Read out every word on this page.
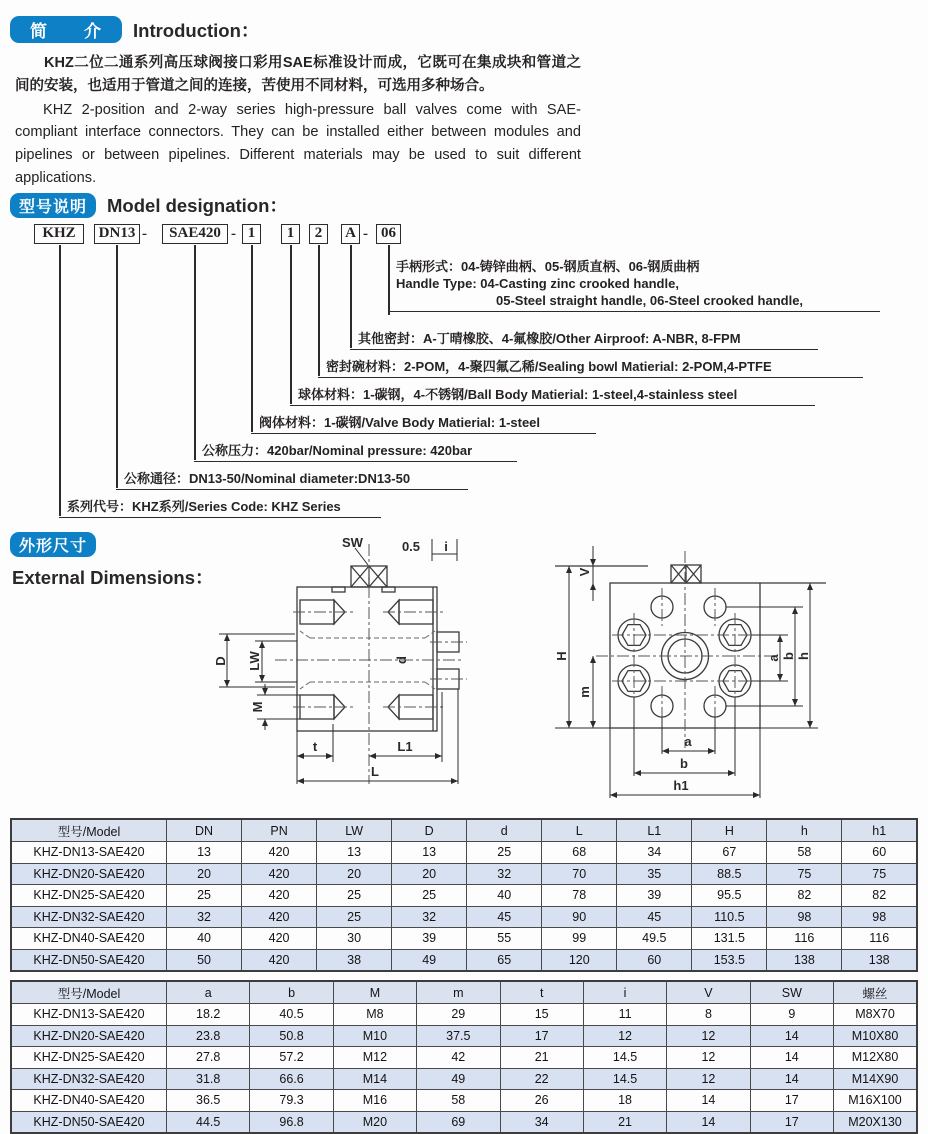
简　　介	Introduction：

KHZ二位二通系列高压球阀接口彩用SAE标准设计而成，它既可在集成块和管道之间的安装，也适用于管道之间的连接，苦使用不同材料，可选用多种场合。

KHZ 2-position and 2-way series high-pressure ball valves come with SAE-compliant interface connectors. They can be installed either between modules and pipelines or between pipelines. Different materials may be used to suit different applications.

型号说明	Model designation：
KHZ	DN13 -	SAE420 - 1	1	2	A - 06
手柄形式：04-铸锌曲柄、05-钢质直柄、06-钢质曲柄
Handle Type: 04-Casting zinc crooked handle,
05-Steel straight handle, 06-Steel crooked handle,
其他密封：A-丁晴橡胶、4-氟橡胶/Other Airproof: A-NBR, 8-FPM
密封碗材料：2-POM，4-聚四氟乙稀/Sealing bowl Matierial: 2-POM,4-PTFE
球体材料：1-碳钢，4-不锈钢/Ball Body Matierial: 1-steel,4-stainless steel
阀体材料：1-碳钢/Valve Body Matierial: 1-steel
公称压力：420bar/Nominal pressure: 420bar
公称通径：DN13-50/Nominal diameter:DN13-50
系列代号：KHZ系列/Series Code: KHZ Series
外形尺寸
External Dimensions：
SW	0.5 i
D LW
M
d
t	L1
L
V
H
m
a b h
a
b
h1
型号/Model	DN	PN	LW	D	d	L	L1	H	h	h1
KHZ-DN13-SAE420	13	420	13	13	25	68	34	67	58	60
KHZ-DN20-SAE420	20	420	20	20	32	70	35	88.5	75	75
KHZ-DN25-SAE420	25	420	25	25	40	78	39	95.5	82	82
KHZ-DN32-SAE420	32	420	25	32	45	90	45	110.5	98	98
KHZ-DN40-SAE420	40	420	30	39	55	99	49.5	131.5	116	116
KHZ-DN50-SAE420	50	420	38	49	65	120	60	153.5	138	138
型号/Model	a	b	M	m	t	i	V	SW	螺丝
KHZ-DN13-SAE420	18.2	40.5	M8	29	15	11	8	9	M8X70
KHZ-DN20-SAE420	23.8	50.8	M10	37.5	17	12	12	14	M10X80
KHZ-DN25-SAE420	27.8	57.2	M12	42	21	14.5	12	14	M12X80
KHZ-DN32-SAE420	31.8	66.6	M14	49	22	14.5	12	14	M14X90
KHZ-DN40-SAE420	36.5	79.3	M16	58	26	18	14	17	M16X100
KHZ-DN50-SAE420	44.5	96.8	M20	69	34	21	14	17	M20X130
